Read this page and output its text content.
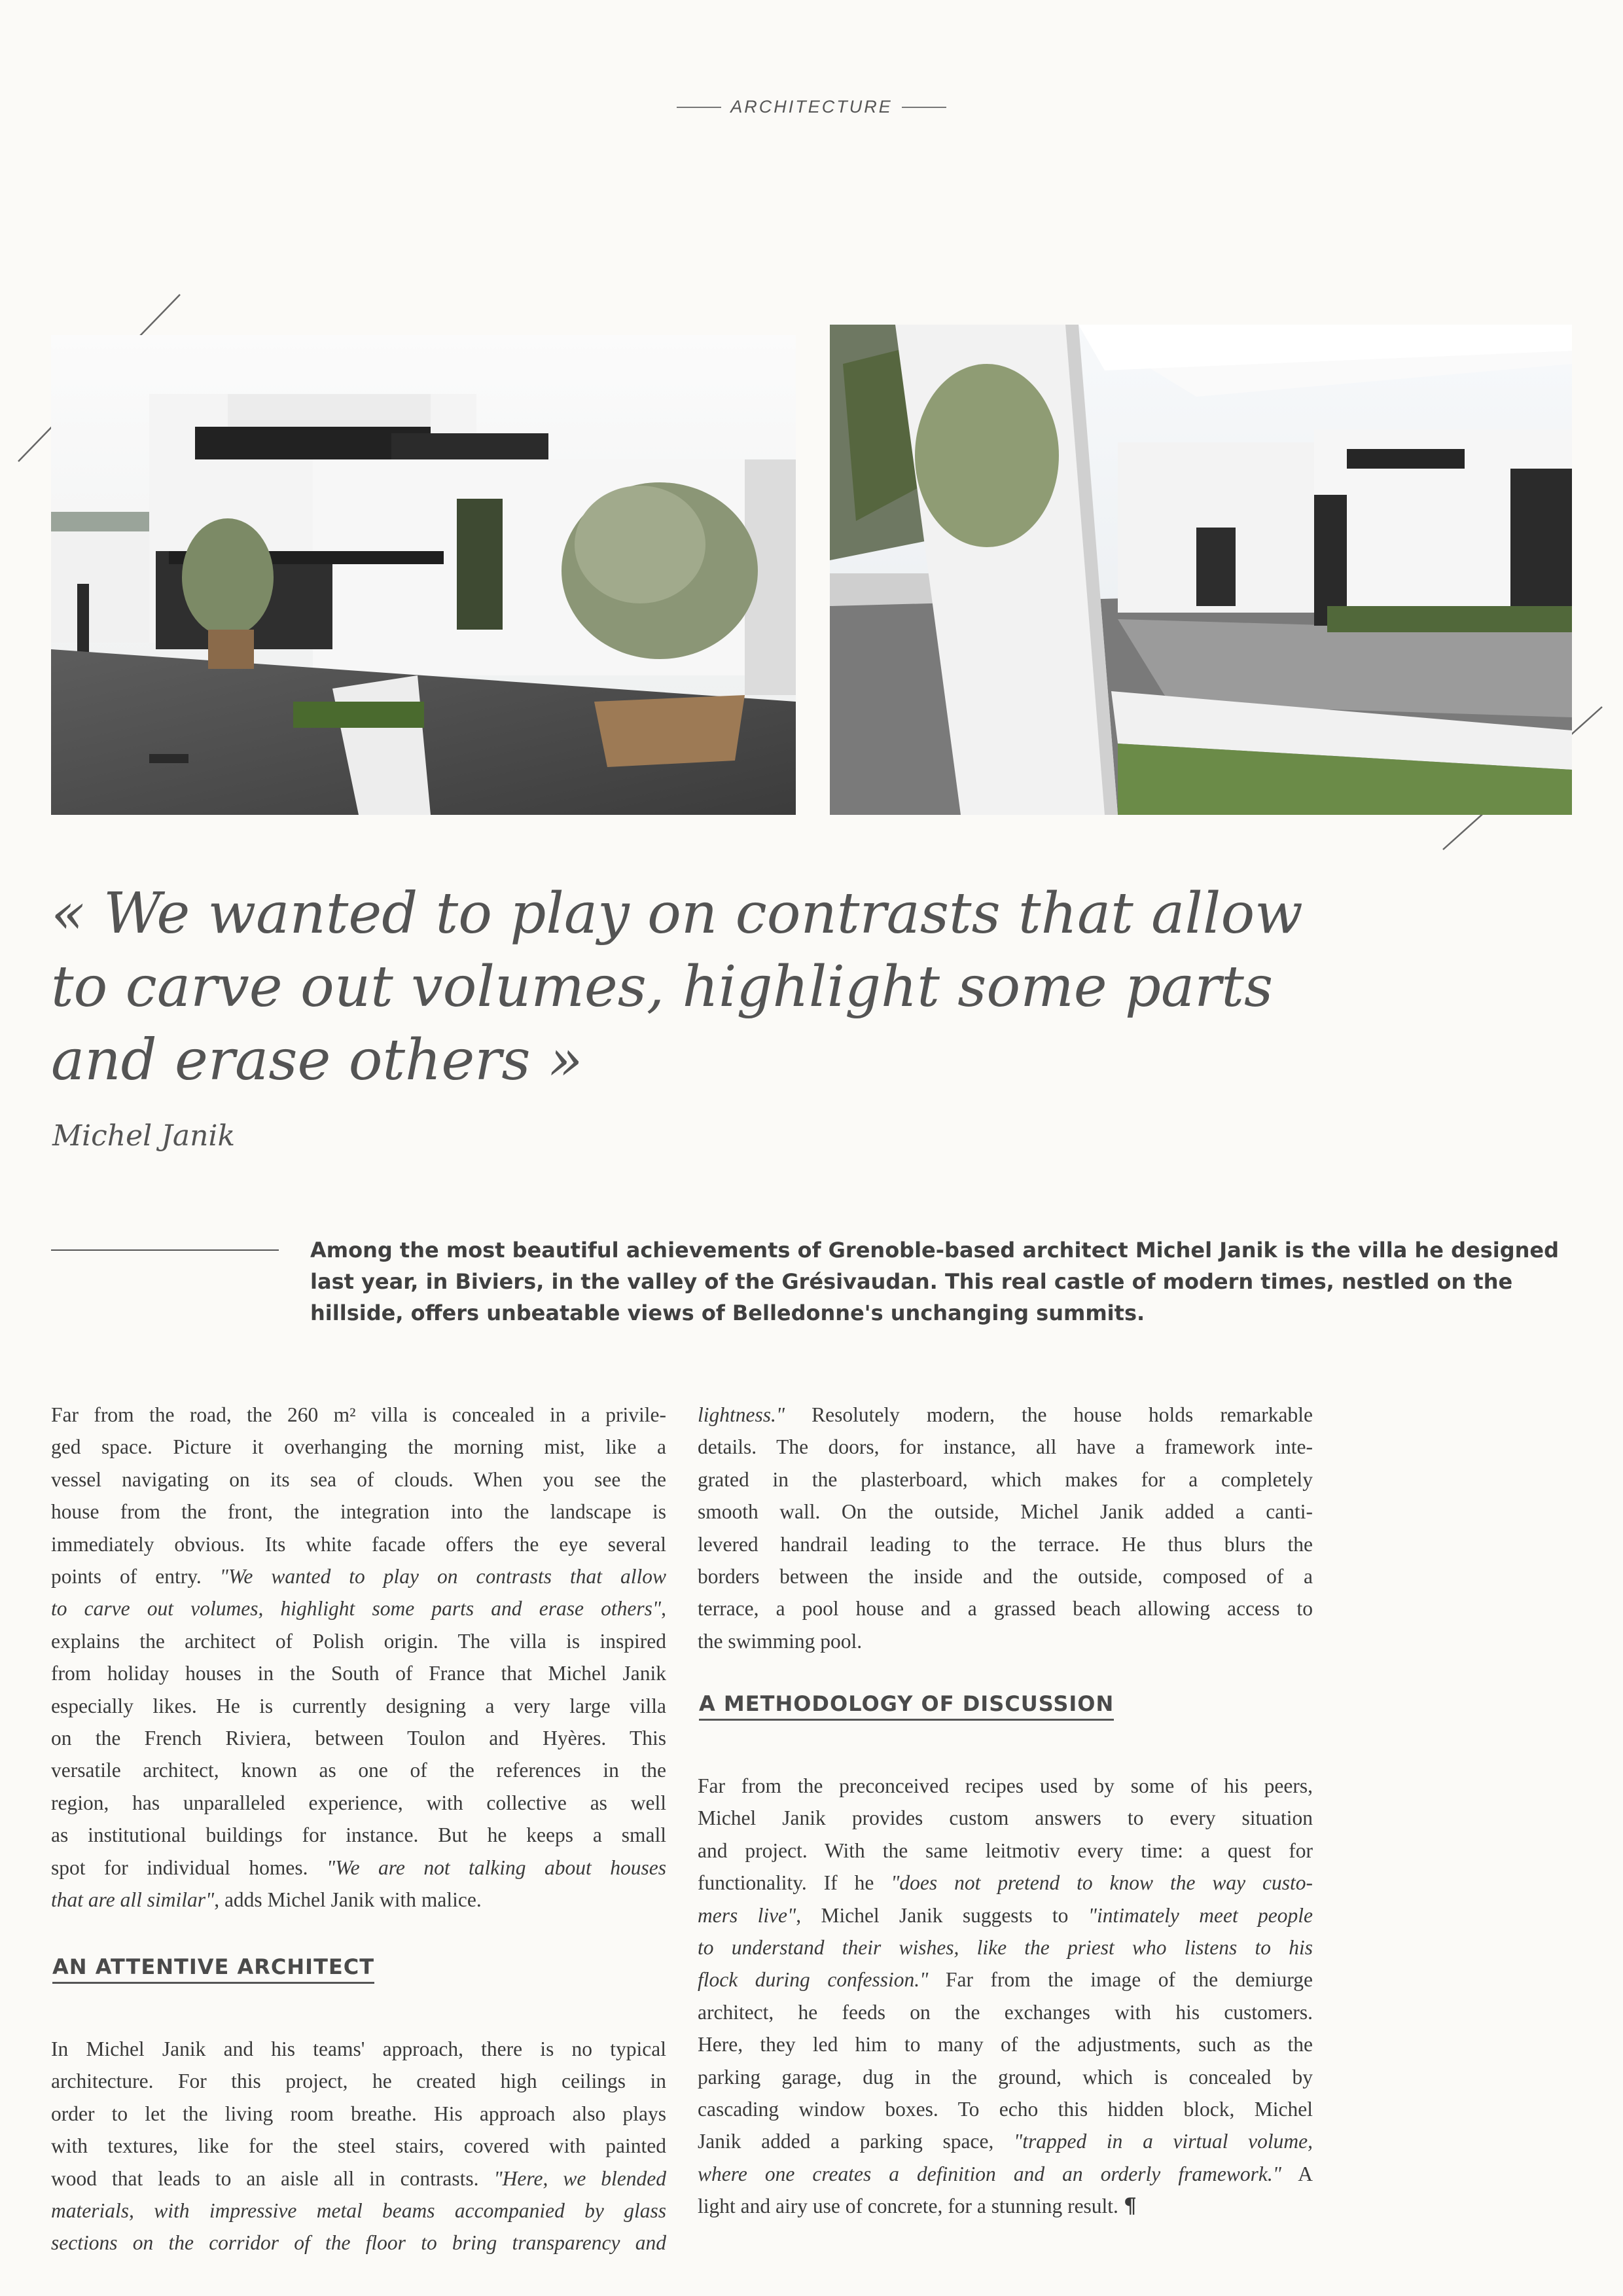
ARCHITECTURE
« We wanted to play on contrasts that allow
to carve out volumes, highlight some parts
and erase others »
Michel Janik
Among the most beautiful achievements of Grenoble-based architect Michel Janik is the villa he designed last year, in Biviers, in the valley of the Grésivaudan. This real castle of modern times, nestled on the hillside, offers unbeatable views of Belledonne's unchanging summits.

Far from the road, the 260 m² villa is concealed in a privile-
ged space. Picture it overhanging the morning mist, like a
vessel navigating on its sea of clouds. When you see the
house from the front, the integration into the landscape is
immediately obvious. Its white facade offers the eye several
points of entry. "We wanted to play on contrasts that allow
to carve out volumes, highlight some parts and erase others",
explains the architect of Polish origin. The villa is inspired
from holiday houses in the South of France that Michel Janik
especially likes. He is currently designing a very large villa
on the French Riviera, between Toulon and Hyères. This
versatile architect, known as one of the references in the
region, has unparalleled experience, with collective as well
as institutional buildings for instance. But he keeps a small
spot for individual homes. "We are not talking about houses
that are all similar", adds Michel Janik with malice.

AN ATTENTIVE ARCHITECT

In Michel Janik and his teams' approach, there is no typical
architecture. For this project, he created high ceilings in
order to let the living room breathe. His approach also plays
with textures, like for the steel stairs, covered with painted
wood that leads to an aisle all in contrasts. "Here, we blended
materials, with impressive metal beams accompanied by glass
sections on the corridor of the floor to bring transparency and

lightness." Resolutely modern, the house holds remarkable
details. The doors, for instance, all have a framework inte-
grated in the plasterboard, which makes for a completely
smooth wall. On the outside, Michel Janik added a canti-
levered handrail leading to the terrace. He thus blurs the
borders between the inside and the outside, composed of a
terrace, a pool house and a grassed beach allowing access to
the swimming pool.

A METHODOLOGY OF DISCUSSION

Far from the preconceived recipes used by some of his peers,
Michel Janik provides custom answers to every situation
and project. With the same leitmotiv every time: a quest for
functionality. If he "does not pretend to know the way custo-
mers live", Michel Janik suggests to "intimately meet people
to understand their wishes, like the priest who listens to his
flock during confession." Far from the image of the demiurge
architect, he feeds on the exchanges with his customers.
Here, they led him to many of the adjustments, such as the
parking garage, dug in the ground, which is concealed by
cascading window boxes. To echo this hidden block, Michel
Janik added a parking space, "trapped in a virtual volume,
where one creates a definition and an orderly framework." A
light and airy use of concrete, for a stunning result. ¶
